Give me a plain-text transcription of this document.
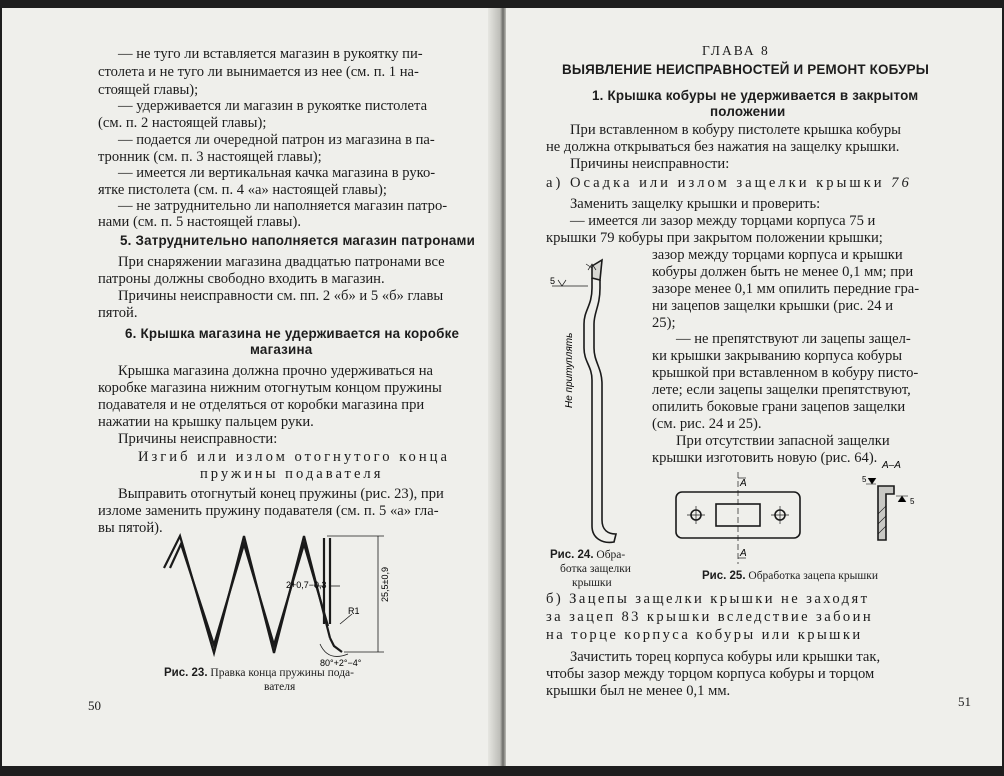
— не туго ли вставляется магазин в рукоятку пи-
столета и не туго ли вынимается из нее (см. п. 1 на-
стоящей главы);
— удерживается ли магазин в рукоятке пистолета
(см. п. 2 настоящей главы);
— подается ли очередной патрон из магазина в па-
тронник (см. п. 3 настоящей главы);
— имеется ли вертикальная качка магазина в руко-
ятке пистолета (см. п. 4 «а» настоящей главы);
— не затруднительно ли наполняется магазин патро-
нами (см. п. 5 настоящей главы).
5. Затруднительно наполняется магазин патронами
При снаряжении магазина двадцатью патронами все
патроны должны свободно входить в магазин.
Причины неисправности см. пп. 2 «б» и 5 «б» главы
пятой.
6. Крышка магазина не удерживается на коробке
магазина
Крышка магазина должна прочно удерживаться на
коробке магазина нижним отогнутым концом пружины
подавателя и не отделяться от коробки магазина при
нажатии на крышку пальцем руки.
Причины неисправности:
Изгиб или излом отогнутого конца
пружины подавателя
Выправить отогнутый конец пружины (рис. 23), при
изломе заменить пружину подавателя (см. п. 5 «а» гла-
вы пятой).
25,5±0,9
2+0,7−0,3
R1
80°+2°−4°
Рис. 23. Правка конца пружины пода-
вателя
50
ГЛАВА 8
ВЫЯВЛЕНИЕ НЕИСПРАВНОСТЕЙ И РЕМОНТ КОБУРЫ
1. Крышка кобуры не удерживается в закрытом
положении
При вставленном в кобуру пистолете крышка кобуры
не должна открываться без нажатия на защелку крышки.
Причины неисправности:
а) Осадка или излом защелки крышки 76
Заменить защелку крышки и проверить:
— имеется ли зазор между торцами корпуса 75 и
крышки 79 кобуры при закрытом положении крышки;
зазор между торцами корпуса и крышки
кобуры должен быть не менее 0,1 мм; при
зазоре менее 0,1 мм опилить передние гра-
ни зацепов защелки крышки (рис. 24 и
25);
— не препятствуют ли зацепы защел-
ки крышки закрыванию корпуса кобуры
крышкой при вставленном в кобуру писто-
лете; если зацепы защелки препятствуют,
опилить боковые грани зацепов защелки
(см. рис. 24 и 25).
При отсутствии запасной защелки
крышки изготовить новую (рис. 64).
5
Не притуплять
Рис. 24. Обра-
ботка защелки
крышки
А
А
А–А
5
5
Рис. 25. Обработка зацепа крышки
б) Зацепы защелки крышки не заходят
за зацеп 83 крышки вследствие забоин
на торце корпуса кобуры или крышки
Зачистить торец корпуса кобуры или крышки так,
чтобы зазор между торцом корпуса кобуры и торцом
крышки был не менее 0,1 мм.
51
